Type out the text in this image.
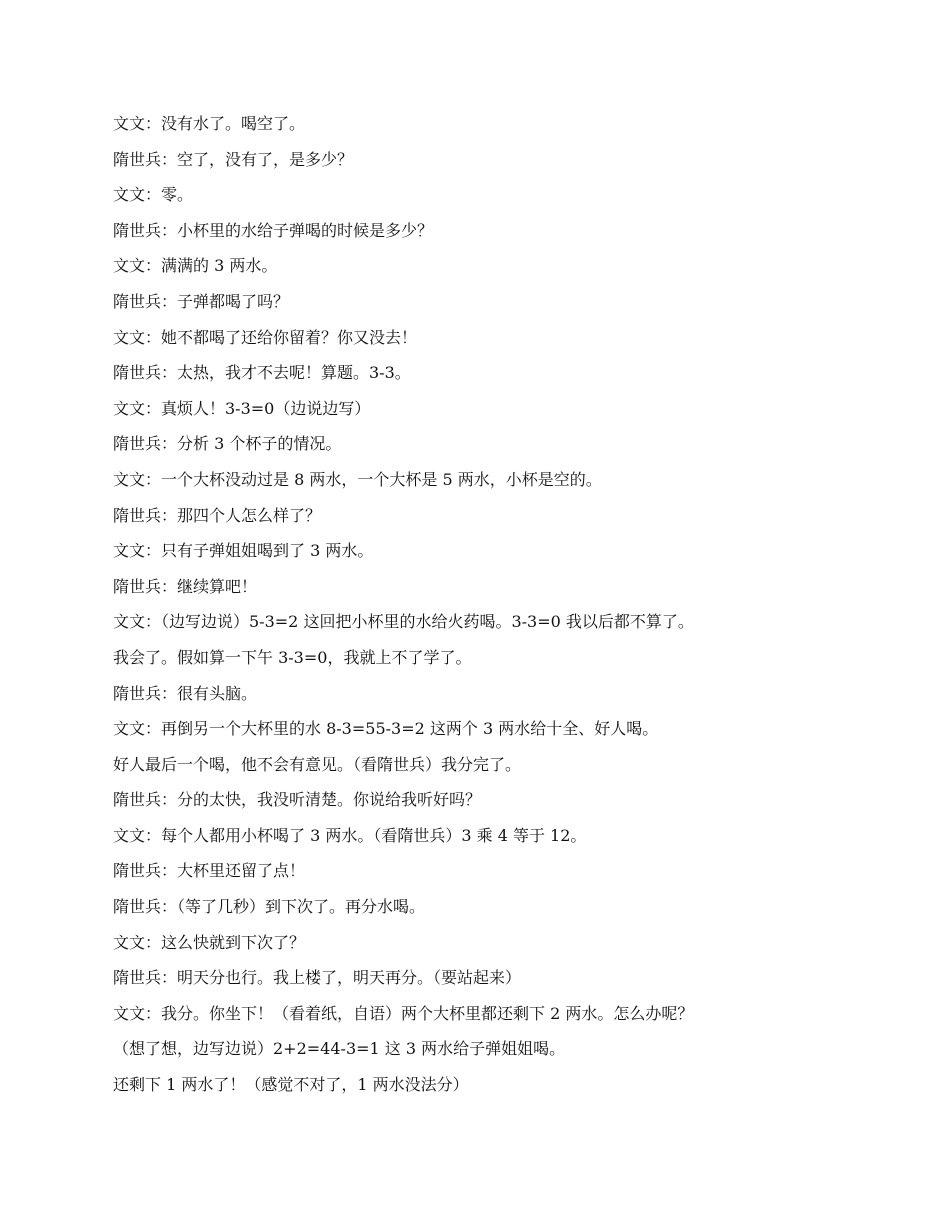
文文：没有水了。喝空了。
隋世兵：空了，没有了，是多少？
文文：零。
隋世兵：小杯里的水给子弹喝的时候是多少？
文文：满满的 3 两水。
隋世兵：子弹都喝了吗？
文文：她不都喝了还给你留着？你又没去！
隋世兵：太热，我才不去呢！算题。3-3。
文文：真烦人！3-3=0（边说边写）
隋世兵：分析 3 个杯子的情况。
文文：一个大杯没动过是 8 两水，一个大杯是 5 两水，小杯是空的。
隋世兵：那四个人怎么样了？
文文：只有子弹姐姐喝到了 3 两水。
隋世兵：继续算吧！
文文：（边写边说）5-3=2 这回把小杯里的水给火药喝。3-3=0 我以后都不算了。
我会了。假如算一下午 3-3=0，我就上不了学了。
隋世兵：很有头脑。
文文：再倒另一个大杯里的水 8-3=55-3=2 这两个 3 两水给十全、好人喝。
好人最后一个喝，他不会有意见。（看隋世兵）我分完了。
隋世兵：分的太快，我没听清楚。你说给我听好吗？
文文：每个人都用小杯喝了 3 两水。（看隋世兵）3 乘 4 等于 12。
隋世兵：大杯里还留了点！
隋世兵：（等了几秒）到下次了。再分水喝。
文文：这么快就到下次了？
隋世兵：明天分也行。我上楼了，明天再分。（要站起来）
文文：我分。你坐下！（看着纸，自语）两个大杯里都还剩下 2 两水。怎么办呢？
（想了想，边写边说）2+2=44-3=1 这 3 两水给子弹姐姐喝。
还剩下 1 两水了！（感觉不对了，1 两水没法分）
